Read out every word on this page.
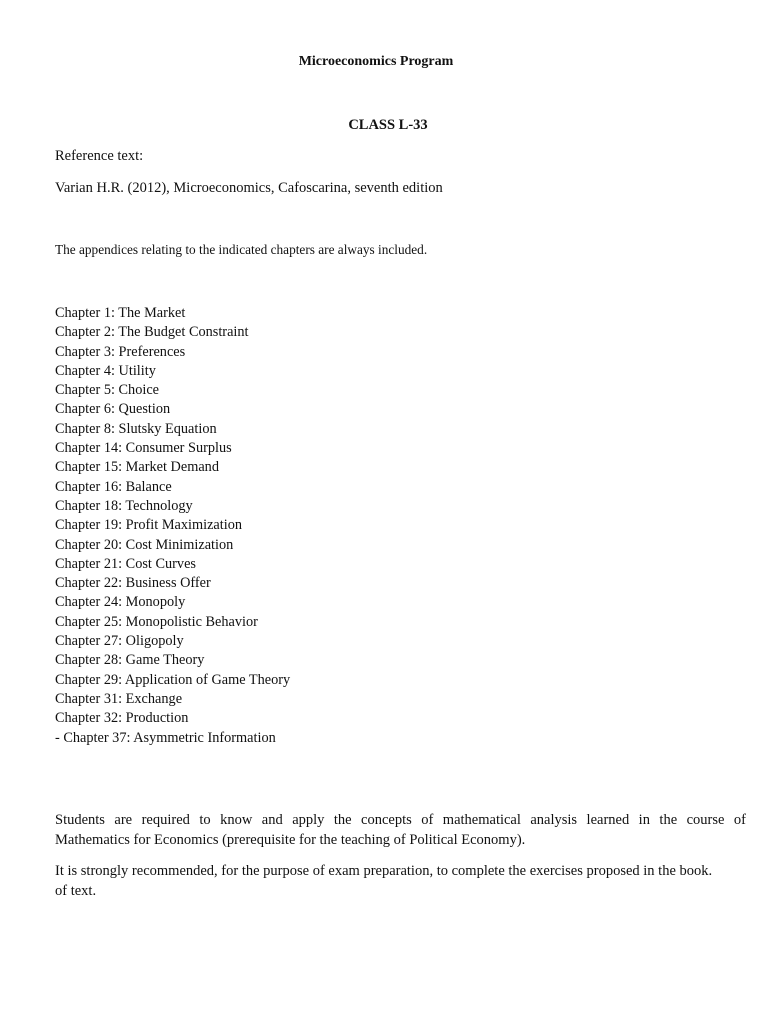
Microeconomics Program
CLASS L-33
Reference text:
Varian H.R. (2012), Microeconomics, Cafoscarina, seventh edition
The appendices relating to the indicated chapters are always included.
Chapter 1: The Market
Chapter 2: The Budget Constraint
Chapter 3: Preferences
Chapter 4: Utility
Chapter 5: Choice
Chapter 6: Question
Chapter 8: Slutsky Equation
Chapter 14: Consumer Surplus
Chapter 15: Market Demand
Chapter 16: Balance
Chapter 18: Technology
Chapter 19: Profit Maximization
Chapter 20: Cost Minimization
Chapter 21: Cost Curves
Chapter 22: Business Offer
Chapter 24: Monopoly
Chapter 25: Monopolistic Behavior
Chapter 27: Oligopoly
Chapter 28: Game Theory
Chapter 29: Application of Game Theory
Chapter 31: Exchange
Chapter 32: Production
- Chapter 37: Asymmetric Information
Students are required to know and apply the concepts of mathematical analysis learned in the course of
Mathematics for Economics (prerequisite for the teaching of Political Economy).
It is strongly recommended, for the purpose of exam preparation, to complete the exercises proposed in the book.
of text.
